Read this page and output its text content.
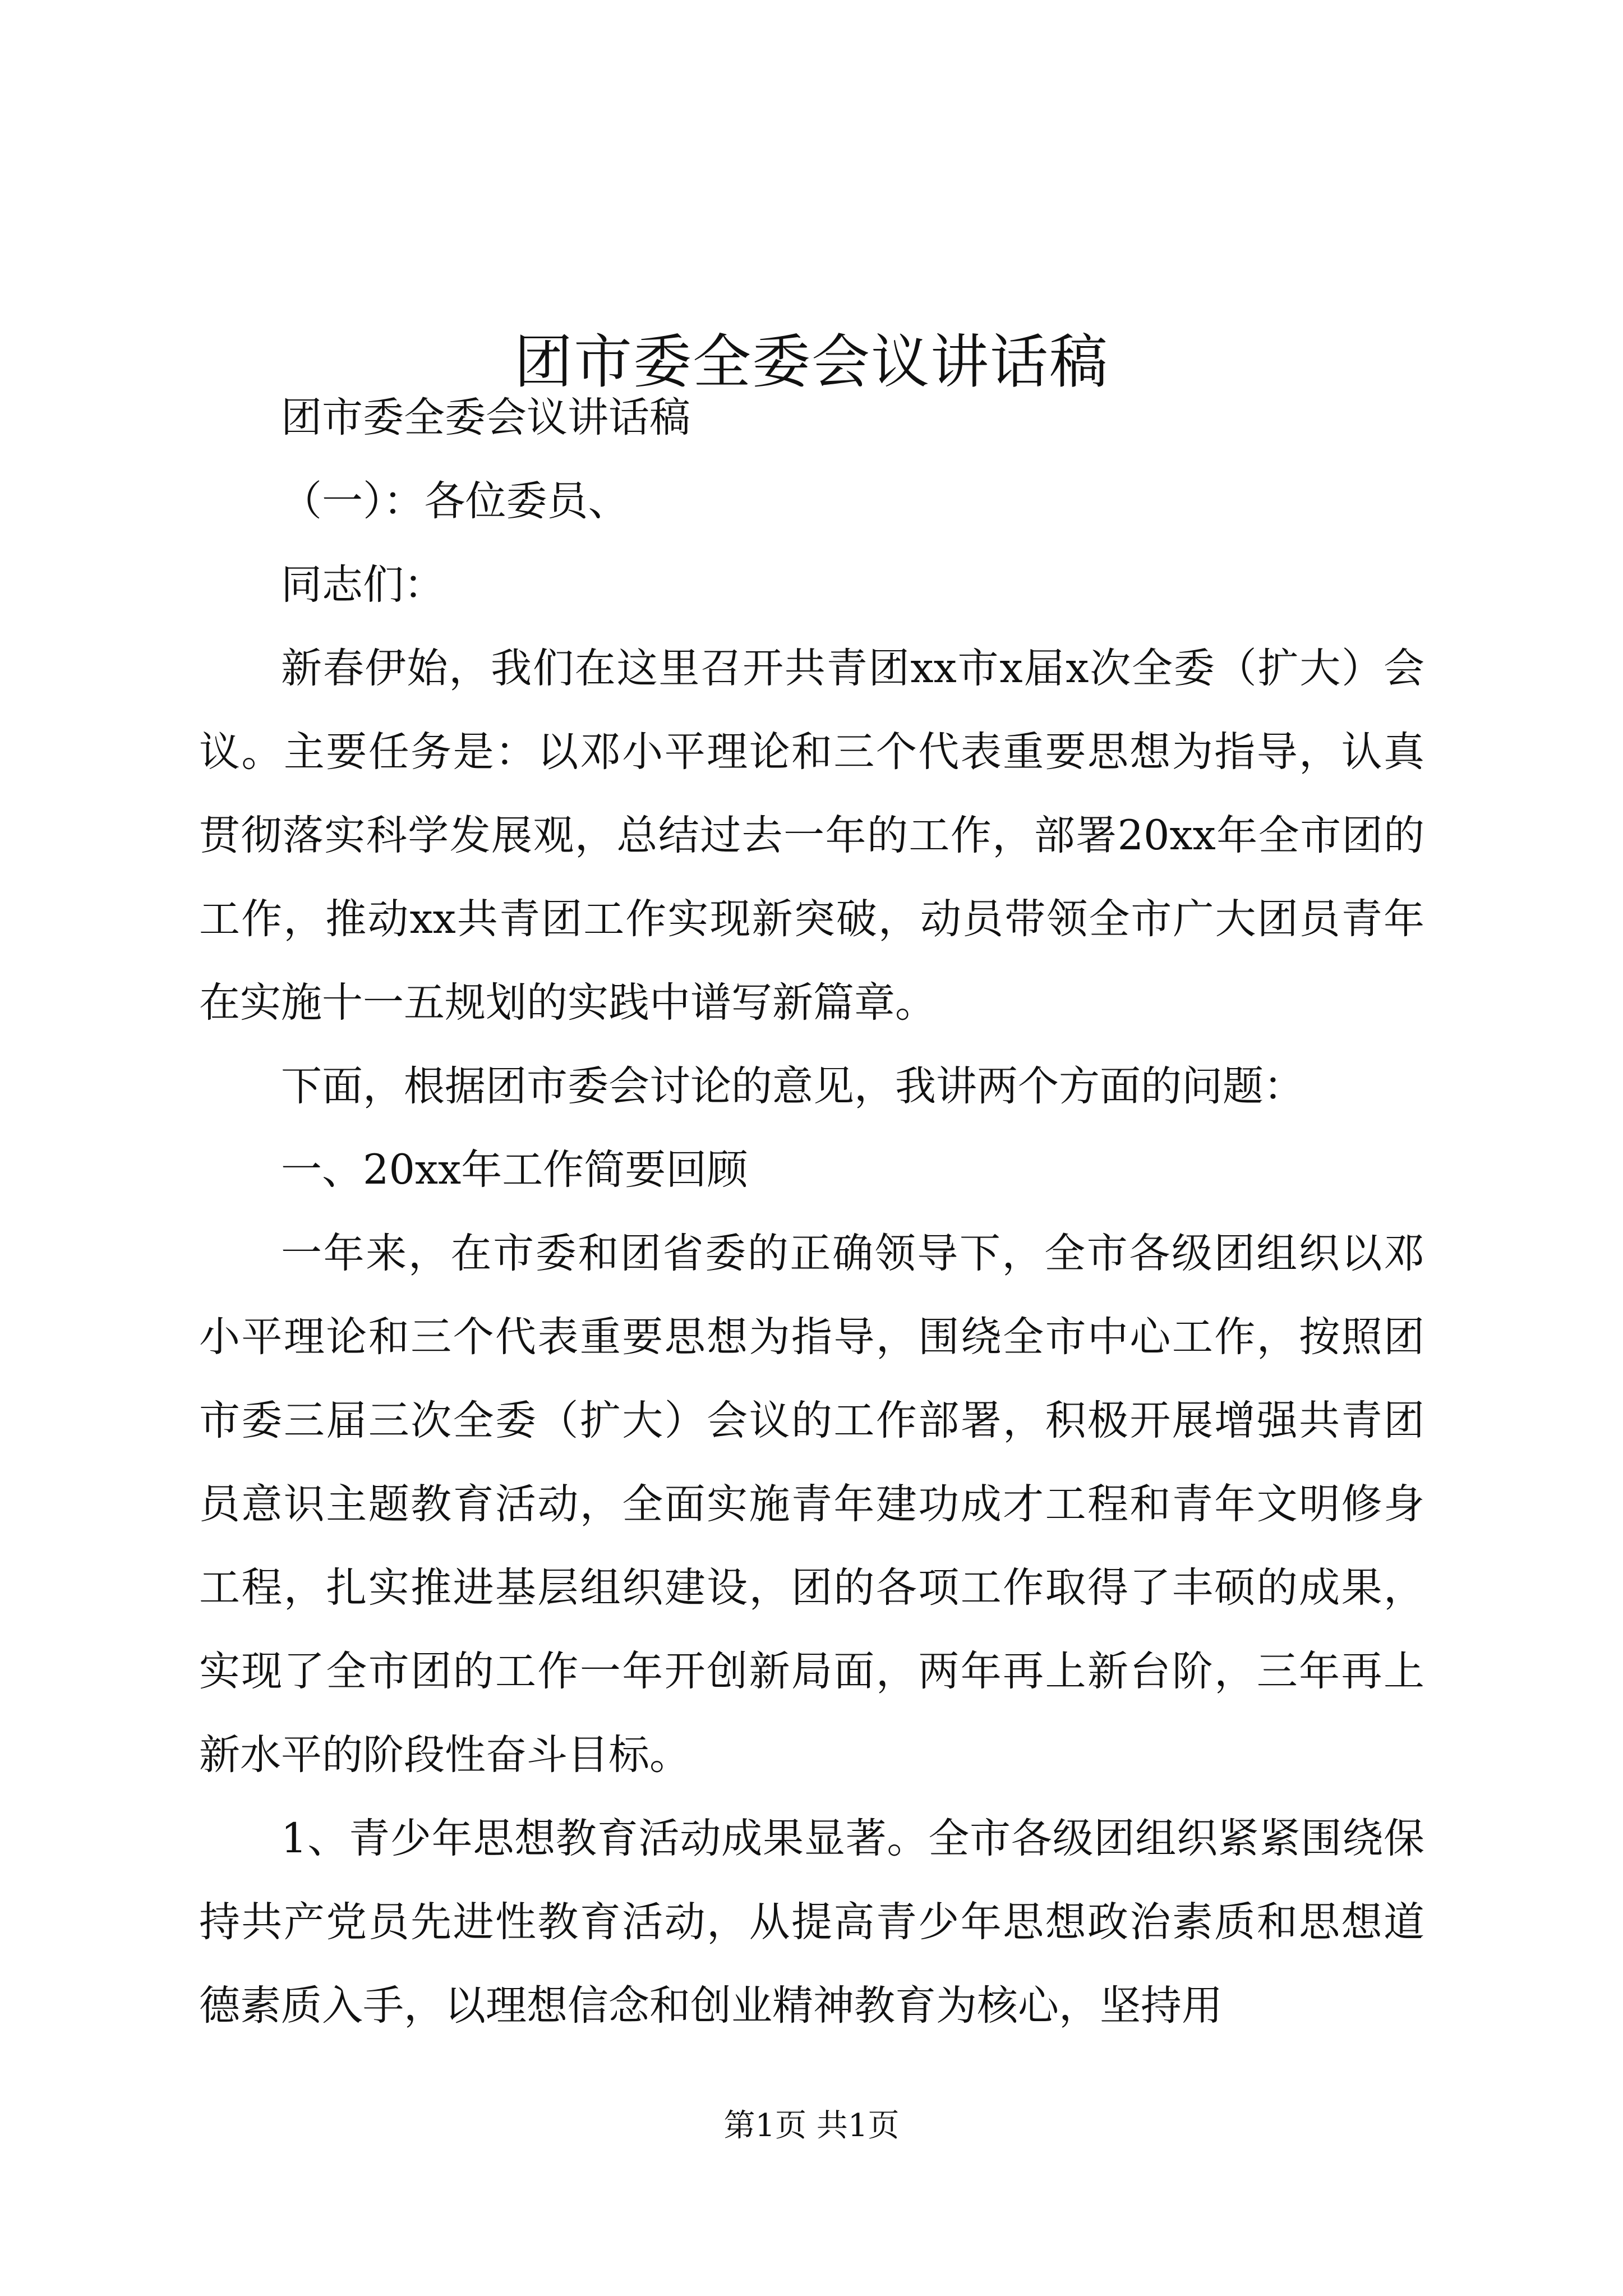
团市委全委会议讲话稿

团市委全委会议讲话稿

（一）：各位委员、

同志们：

新春伊始，我们在这里召开共青团xx市x届x次全委（扩大）会议。主要任务是：以邓小平理论和三个代表重要思想为指导，认真贯彻落实科学发展观，总结过去一年的工作，部署20xx年全市团的工作，推动xx共青团工作实现新突破，动员带领全市广大团员青年在实施十一五规划的实践中谱写新篇章。

下面，根据团市委会讨论的意见，我讲两个方面的问题：

一、20xx年工作简要回顾

一年来，在市委和团省委的正确领导下，全市各级团组织以邓小平理论和三个代表重要思想为指导，围绕全市中心工作，按照团市委三届三次全委（扩大）会议的工作部署，积极开展增强共青团员意识主题教育活动，全面实施青年建功成才工程和青年文明修身工程，扎实推进基层组织建设，团的各项工作取得了丰硕的成果，实现了全市团的工作一年开创新局面，两年再上新台阶，三年再上新水平的阶段性奋斗目标。

1、青少年思想教育活动成果显著。全市各级团组织紧紧围绕保持共产党员先进性教育活动，从提高青少年思想政治素质和思想道德素质入手，以理想信念和创业精神教育为核心，坚持用

第1页 共1页
